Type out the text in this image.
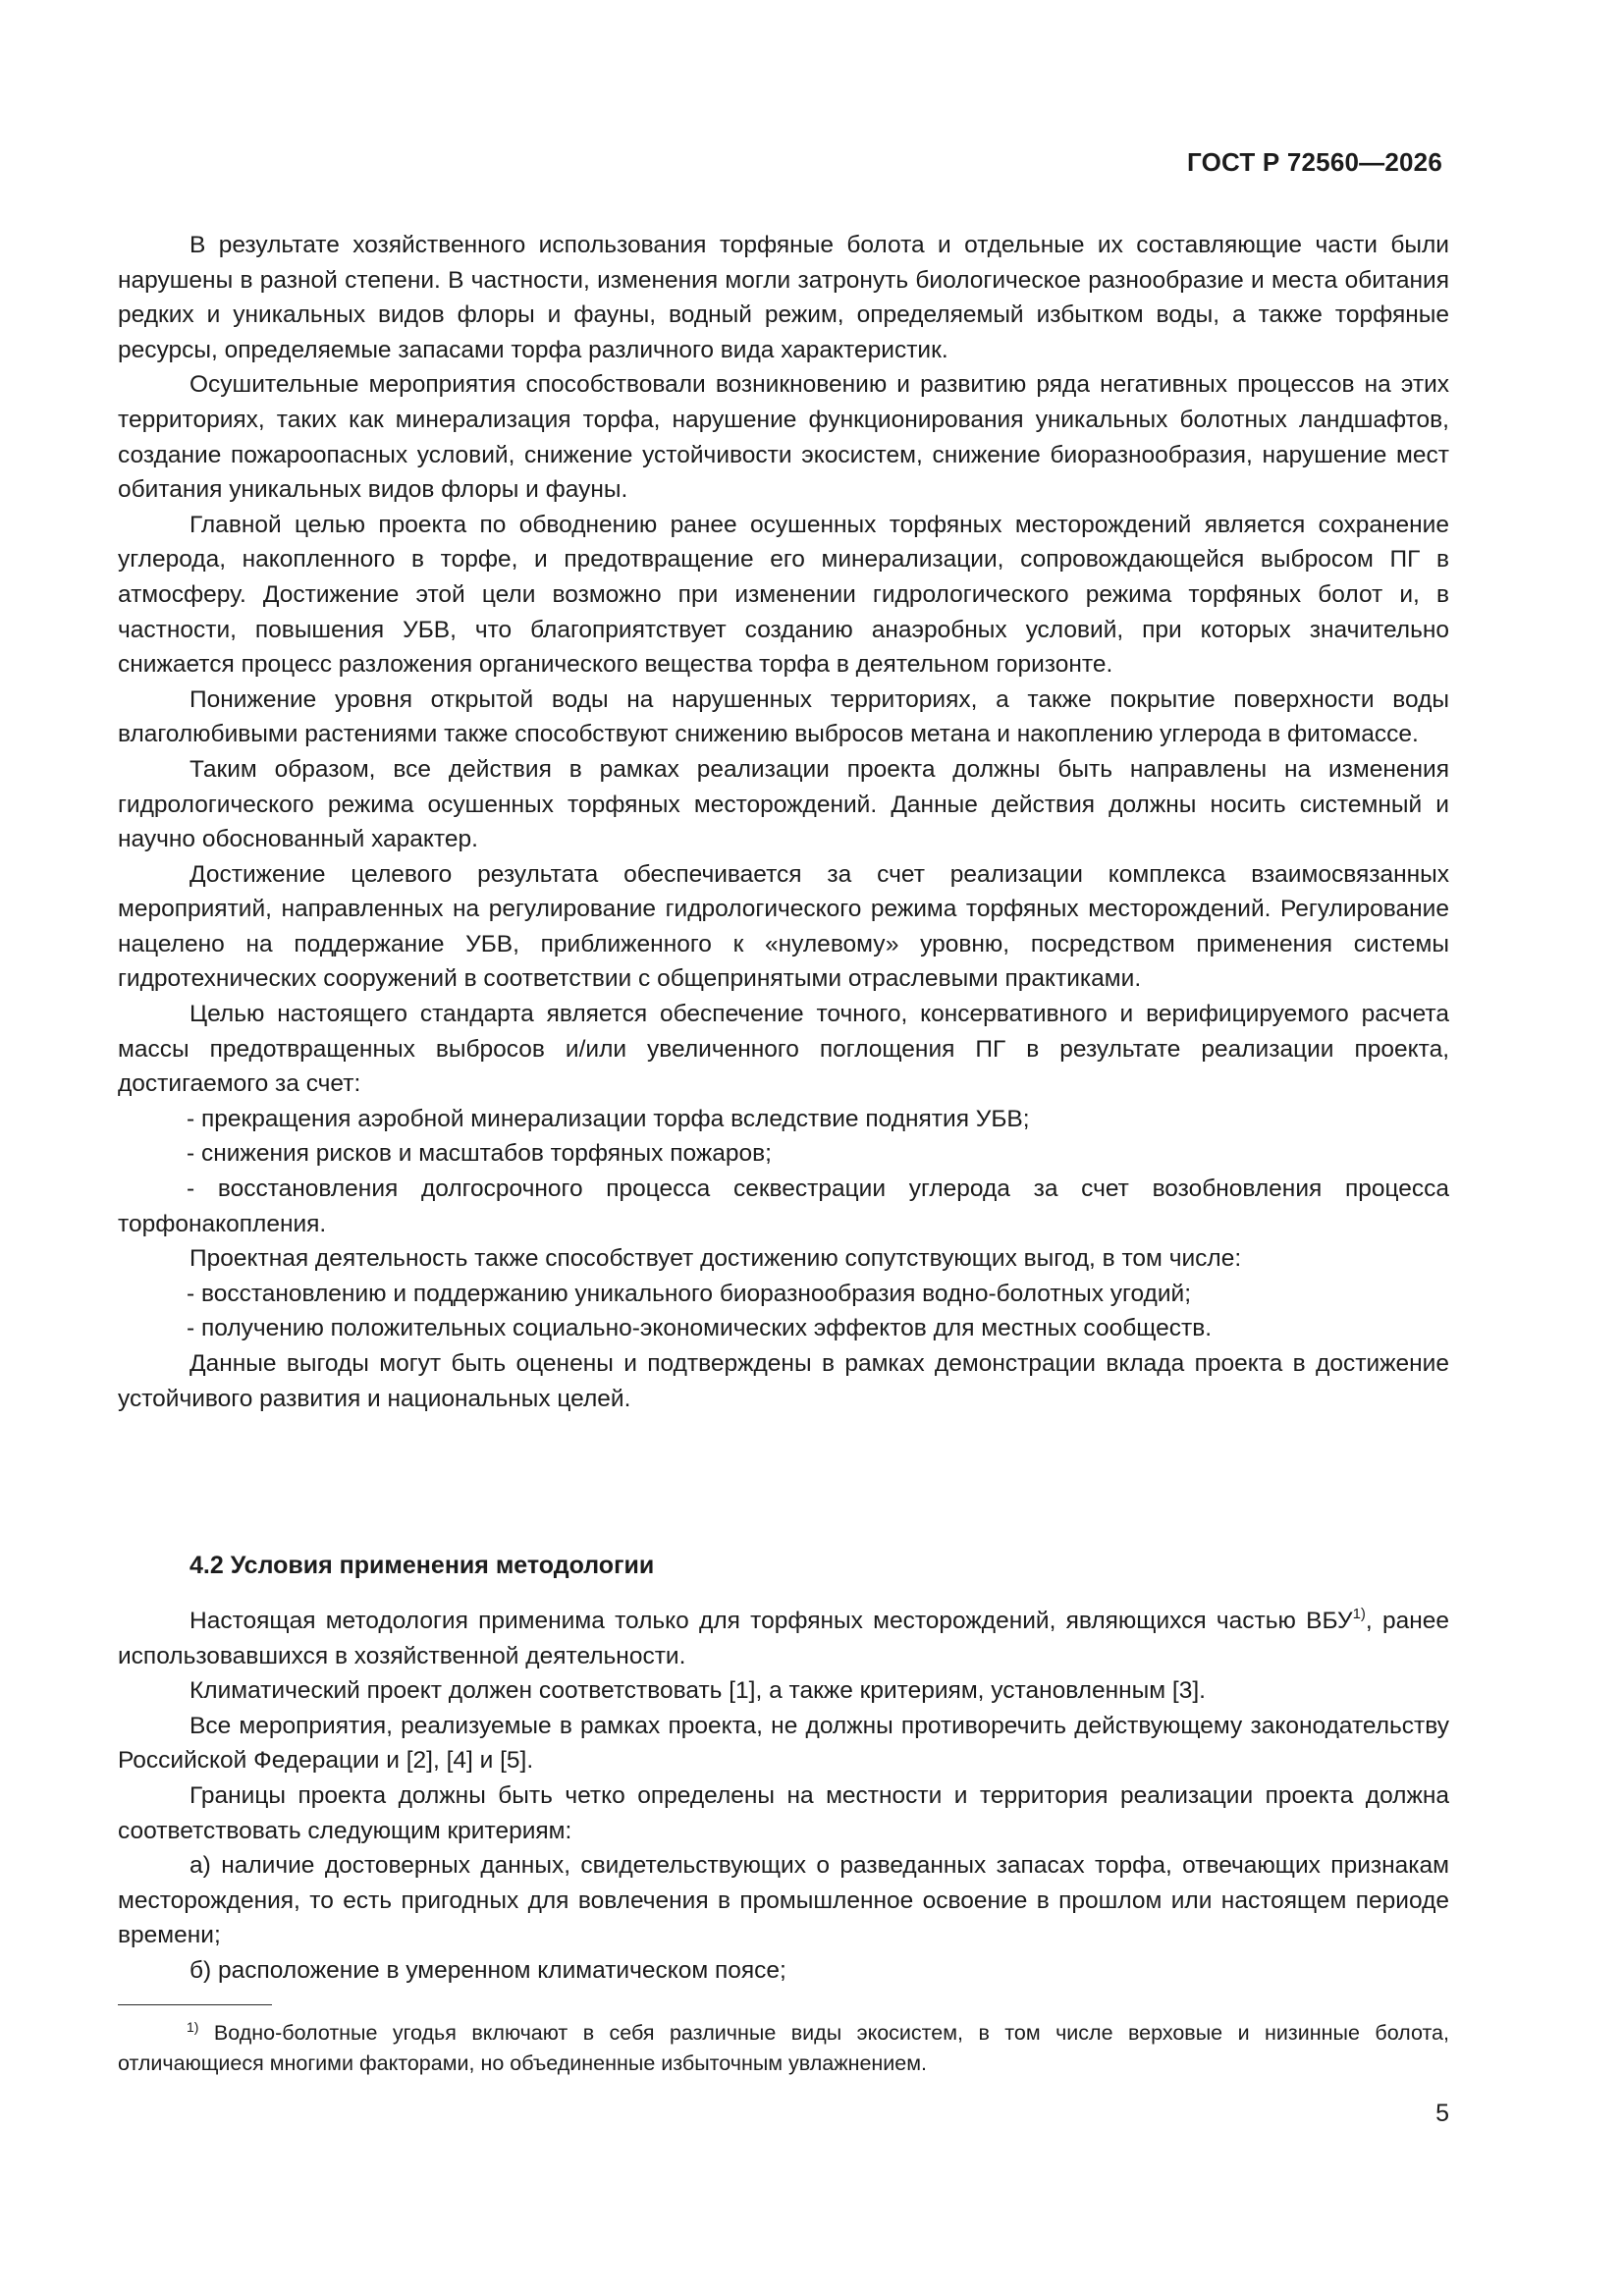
ГОСТ Р 72560—2026

В результате хозяйственного использования торфяные болота и отдельные их составляющие части были нарушены в разной степени. В частности, изменения могли затронуть биологическое разнообразие и места обитания редких и уникальных видов флоры и фауны, водный режим, определяемый избытком воды, а также торфяные ресурсы, определяемые запасами торфа различного вида характеристик.

Осушительные мероприятия способствовали возникновению и развитию ряда негативных процессов на этих территориях, таких как минерализация торфа, нарушение функционирования уникальных болотных ландшафтов, создание пожароопасных условий, снижение устойчивости экосистем, снижение биоразнообразия, нарушение мест обитания уникальных видов флоры и фауны.

Главной целью проекта по обводнению ранее осушенных торфяных месторождений является сохранение углерода, накопленного в торфе, и предотвращение его минерализации, сопровождающейся выбросом ПГ в атмосферу. Достижение этой цели возможно при изменении гидрологического режима торфяных болот и, в частности, повышения УБВ, что благоприятствует созданию анаэробных условий, при которых значительно снижается процесс разложения органического вещества торфа в деятельном горизонте.

Понижение уровня открытой воды на нарушенных территориях, а также покрытие поверхности воды влаголюбивыми растениями также способствуют снижению выбросов метана и накоплению углерода в фитомассе.

Таким образом, все действия в рамках реализации проекта должны быть направлены на изменения гидрологического режима осушенных торфяных месторождений. Данные действия должны носить системный и научно обоснованный характер.

Достижение целевого результата обеспечивается за счет реализации комплекса взаимосвязанных мероприятий, направленных на регулирование гидрологического режима торфяных месторождений. Регулирование нацелено на поддержание УБВ, приближенного к «нулевому» уровню, посредством применения системы гидротехнических сооружений в соответствии с общепринятыми отраслевыми практиками.

Целью настоящего стандарта является обеспечение точного, консервативного и верифицируемого расчета массы предотвращенных выбросов и/или увеличенного поглощения ПГ в результате реализации проекта, достигаемого за счет:

- прекращения аэробной минерализации торфа вследствие поднятия УБВ;

- снижения рисков и масштабов торфяных пожаров;

- восстановления долгосрочного процесса секвестрации углерода за счет возобновления процесса торфонакопления.

Проектная деятельность также способствует достижению сопутствующих выгод, в том числе:

- восстановлению и поддержанию уникального биоразнообразия водно-болотных угодий;

- получению положительных социально-экономических эффектов для местных сообществ.

Данные выгоды могут быть оценены и подтверждены в рамках демонстрации вклада проекта в достижение устойчивого развития и национальных целей.

4.2 Условия применения методологии

Настоящая методология применима только для торфяных месторождений, являющихся частью ВБУ$^{1)}$, ранее использовавшихся в хозяйственной деятельности.

Климатический проект должен соответствовать [1], а также критериям, установленным [3].

Все мероприятия, реализуемые в рамках проекта, не должны противоречить действующему законодательству Российской Федерации и [2], [4] и [5].

Границы проекта должны быть четко определены на местности и территория реализации проекта должна соответствовать следующим критериям:

а) наличие достоверных данных, свидетельствующих о разведанных запасах торфа, отвечающих признакам месторождения, то есть пригодных для вовлечения в промышленное освоение в прошлом или настоящем периоде времени;

б) расположение в умеренном климатическом поясе;

$^{1)}$ Водно-болотные угодья включают в себя различные виды экосистем, в том числе верховые и низинные болота, отличающиеся многими факторами, но объединенные избыточным увлажнением.

5
